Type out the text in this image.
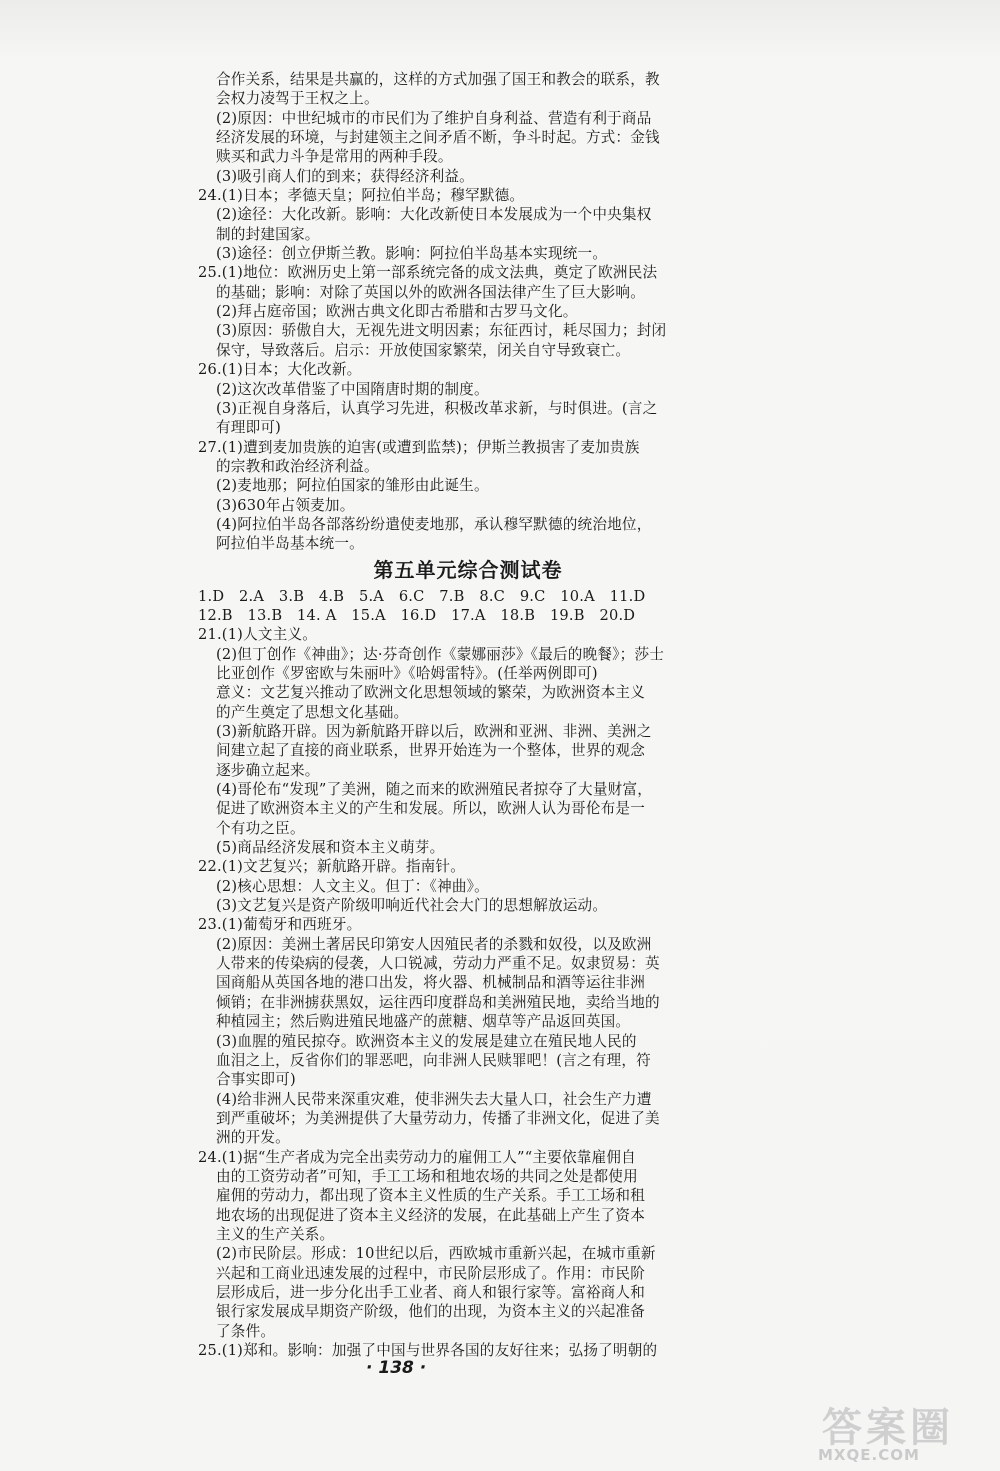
合作关系，结果是共赢的，这样的方式加强了国王和教会的联系，教
会权力凌驾于王权之上。
(2)原因：中世纪城市的市民们为了维护自身利益、营造有利于商品
经济发展的环境，与封建领主之间矛盾不断，争斗时起。方式：金钱
赎买和武力斗争是常用的两种手段。
(3)吸引商人们的到来；获得经济利益。
24.(1)日本；孝德天皇；阿拉伯半岛；穆罕默德。
(2)途径：大化改新。影响：大化改新使日本发展成为一个中央集权
制的封建国家。
(3)途径：创立伊斯兰教。影响：阿拉伯半岛基本实现统一。
25.(1)地位：欧洲历史上第一部系统完备的成文法典，奠定了欧洲民法
的基础；影响：对除了英国以外的欧洲各国法律产生了巨大影响。
(2)拜占庭帝国；欧洲古典文化即古希腊和古罗马文化。
(3)原因：骄傲自大，无视先进文明因素；东征西讨，耗尽国力；封闭
保守，导致落后。启示：开放使国家繁荣，闭关自守导致衰亡。
26.(1)日本；大化改新。
(2)这次改革借鉴了中国隋唐时期的制度。
(3)正视自身落后，认真学习先进，积极改革求新，与时俱进。(言之
有理即可)
27.(1)遭到麦加贵族的迫害(或遭到监禁)；伊斯兰教损害了麦加贵族
的宗教和政治经济利益。
(2)麦地那；阿拉伯国家的雏形由此诞生。
(3)630年占领麦加。
(4)阿拉伯半岛各部落纷纷遣使麦地那，承认穆罕默德的统治地位，
阿拉伯半岛基本统一。
第五单元综合测试卷
1.D　2.A　3.B　4.B　5.A　6.C　7.B　8.C　9.C　10.A　11.D
12.B　13.B　14. A　15.A　16.D　17.A　18.B　19.B　20.D
21.(1)人文主义。
(2)但丁创作《神曲》；达·芬奇创作《蒙娜丽莎》《最后的晚餐》；莎士
比亚创作《罗密欧与朱丽叶》《哈姆雷特》。(任举两例即可)
意义：文艺复兴推动了欧洲文化思想领域的繁荣，为欧洲资本主义
的产生奠定了思想文化基础。
(3)新航路开辟。因为新航路开辟以后，欧洲和亚洲、非洲、美洲之
间建立起了直接的商业联系，世界开始连为一个整体，世界的观念
逐步确立起来。
(4)哥伦布“发现”了美洲，随之而来的欧洲殖民者掠夺了大量财富，
促进了欧洲资本主义的产生和发展。所以，欧洲人认为哥伦布是一
个有功之臣。
(5)商品经济发展和资本主义萌芽。
22.(1)文艺复兴；新航路开辟。指南针。
(2)核心思想：人文主义。但丁：《神曲》。
(3)文艺复兴是资产阶级叩响近代社会大门的思想解放运动。
23.(1)葡萄牙和西班牙。
(2)原因：美洲土著居民印第安人因殖民者的杀戮和奴役，以及欧洲
人带来的传染病的侵袭，人口锐减，劳动力严重不足。奴隶贸易：英
国商船从英国各地的港口出发，将火器、机械制品和酒等运往非洲
倾销；在非洲掳获黑奴，运往西印度群岛和美洲殖民地，卖给当地的
种植园主；然后购进殖民地盛产的蔗糖、烟草等产品返回英国。
(3)血腥的殖民掠夺。欧洲资本主义的发展是建立在殖民地人民的
血泪之上，反省你们的罪恶吧，向非洲人民赎罪吧！(言之有理，符
合事实即可)
(4)给非洲人民带来深重灾难，使非洲失去大量人口，社会生产力遭
到严重破坏；为美洲提供了大量劳动力，传播了非洲文化，促进了美
洲的开发。
24.(1)据“生产者成为完全出卖劳动力的雇佣工人”“主要依靠雇佣自
由的工资劳动者”可知，手工工场和租地农场的共同之处是都使用
雇佣的劳动力，都出现了资本主义性质的生产关系。手工工场和租
地农场的出现促进了资本主义经济的发展，在此基础上产生了资本
主义的生产关系。
(2)市民阶层。形成：10世纪以后，西欧城市重新兴起，在城市重新
兴起和工商业迅速发展的过程中，市民阶层形成了。作用：市民阶
层形成后，进一步分化出手工业者、商人和银行家等。富裕商人和
银行家发展成早期资产阶级，他们的出现，为资本主义的兴起准备
了条件。
25.(1)郑和。影响：加强了中国与世界各国的友好往来；弘扬了明朝的
· 138 ·
答案圈
MXQE.COM
